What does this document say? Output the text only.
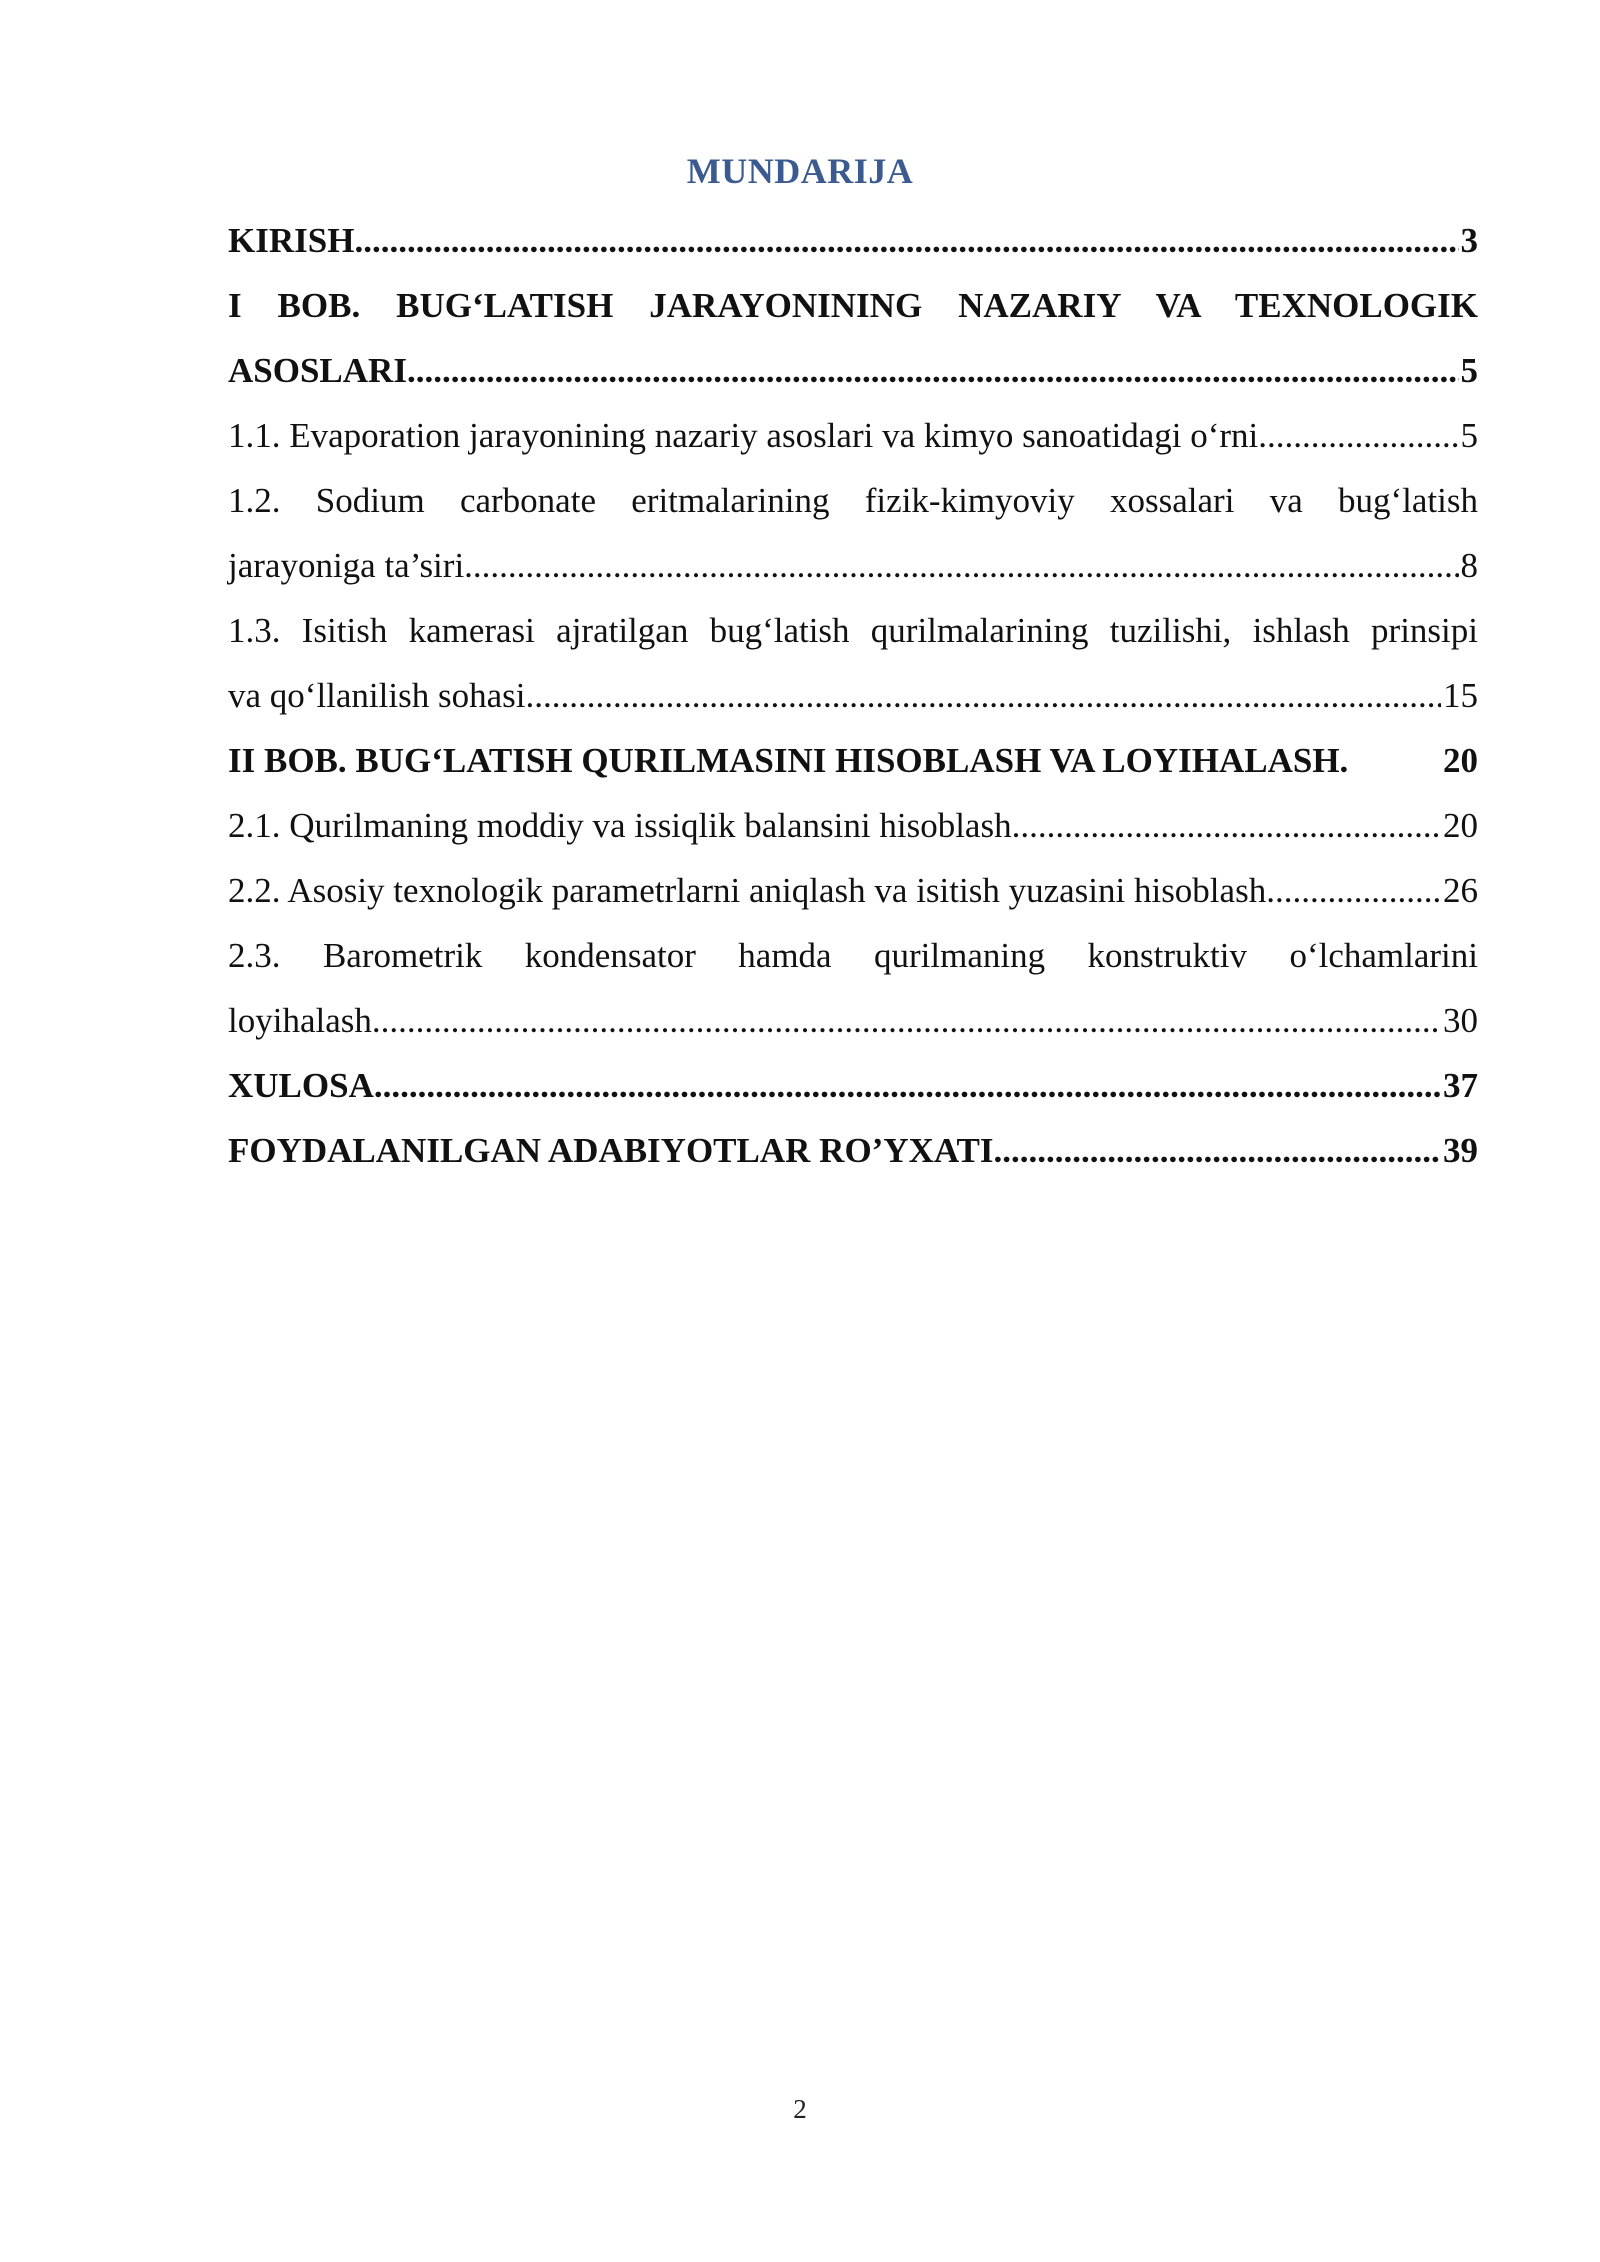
MUNDARIJA
KIRISH .....	3
I BOB. BUG‘LATISH JARAYONINING NAZARIY VA TEXNOLOGIK
ASOSLARI .....	5
1.1. Evaporation jarayonining nazariy asoslari va kimyo sanoatidagi o‘rni .....	5
1.2. Sodium carbonate eritmalarining fizik-kimyoviy xossalari va bug‘latish
jarayoniga ta’siri .....	8
1.3. Isitish kamerasi ajratilgan bug‘latish qurilmalarining tuzilishi, ishlash prinsipi
va qo‘llanilish sohasi .....	15
II BOB. BUG‘LATISH QURILMASINI HISOBLASH VA LOYIHALASH.	20
2.1. Qurilmaning moddiy va issiqlik balansini hisoblash .....	20
2.2. Asosiy texnologik parametrlarni aniqlash va isitish yuzasini hisoblash .....	26
2.3. Barometrik kondensator hamda qurilmaning konstruktiv o‘lchamlarini
loyihalash .....	30
XULOSA .....	37
FOYDALANILGAN ADABIYOTLAR RO’YXATI .....	39
2
